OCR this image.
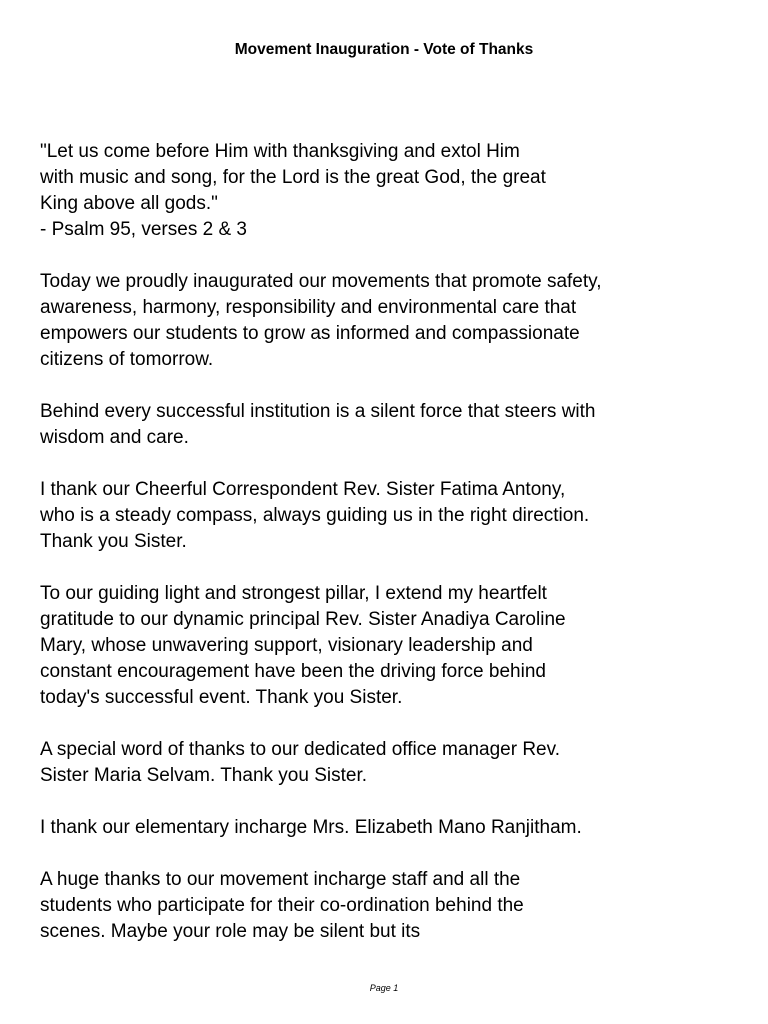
Movement Inauguration - Vote of Thanks

"Let us come before Him with thanksgiving and extol Him
with music and song, for the Lord is the great God, the great
King above all gods."
- Psalm 95, verses 2 & 3

Today we proudly inaugurated our movements that promote safety,
awareness, harmony, responsibility and environmental care that
empowers our students to grow as informed and compassionate
citizens of tomorrow.

Behind every successful institution is a silent force that steers with
wisdom and care.

I thank our Cheerful Correspondent Rev. Sister Fatima Antony,
who is a steady compass, always guiding us in the right direction.
Thank you Sister.

To our guiding light and strongest pillar, I extend my heartfelt
gratitude to our dynamic principal Rev. Sister Anadiya Caroline
Mary, whose unwavering support, visionary leadership and
constant encouragement have been the driving force behind
today's successful event. Thank you Sister.

A special word of thanks to our dedicated office manager Rev.
Sister Maria Selvam. Thank you Sister.

I thank our elementary incharge Mrs. Elizabeth Mano Ranjitham.

A huge thanks to our movement incharge staff and all the
students who participate for their co-ordination behind the
scenes. Maybe your role may be silent but its

Page 1
